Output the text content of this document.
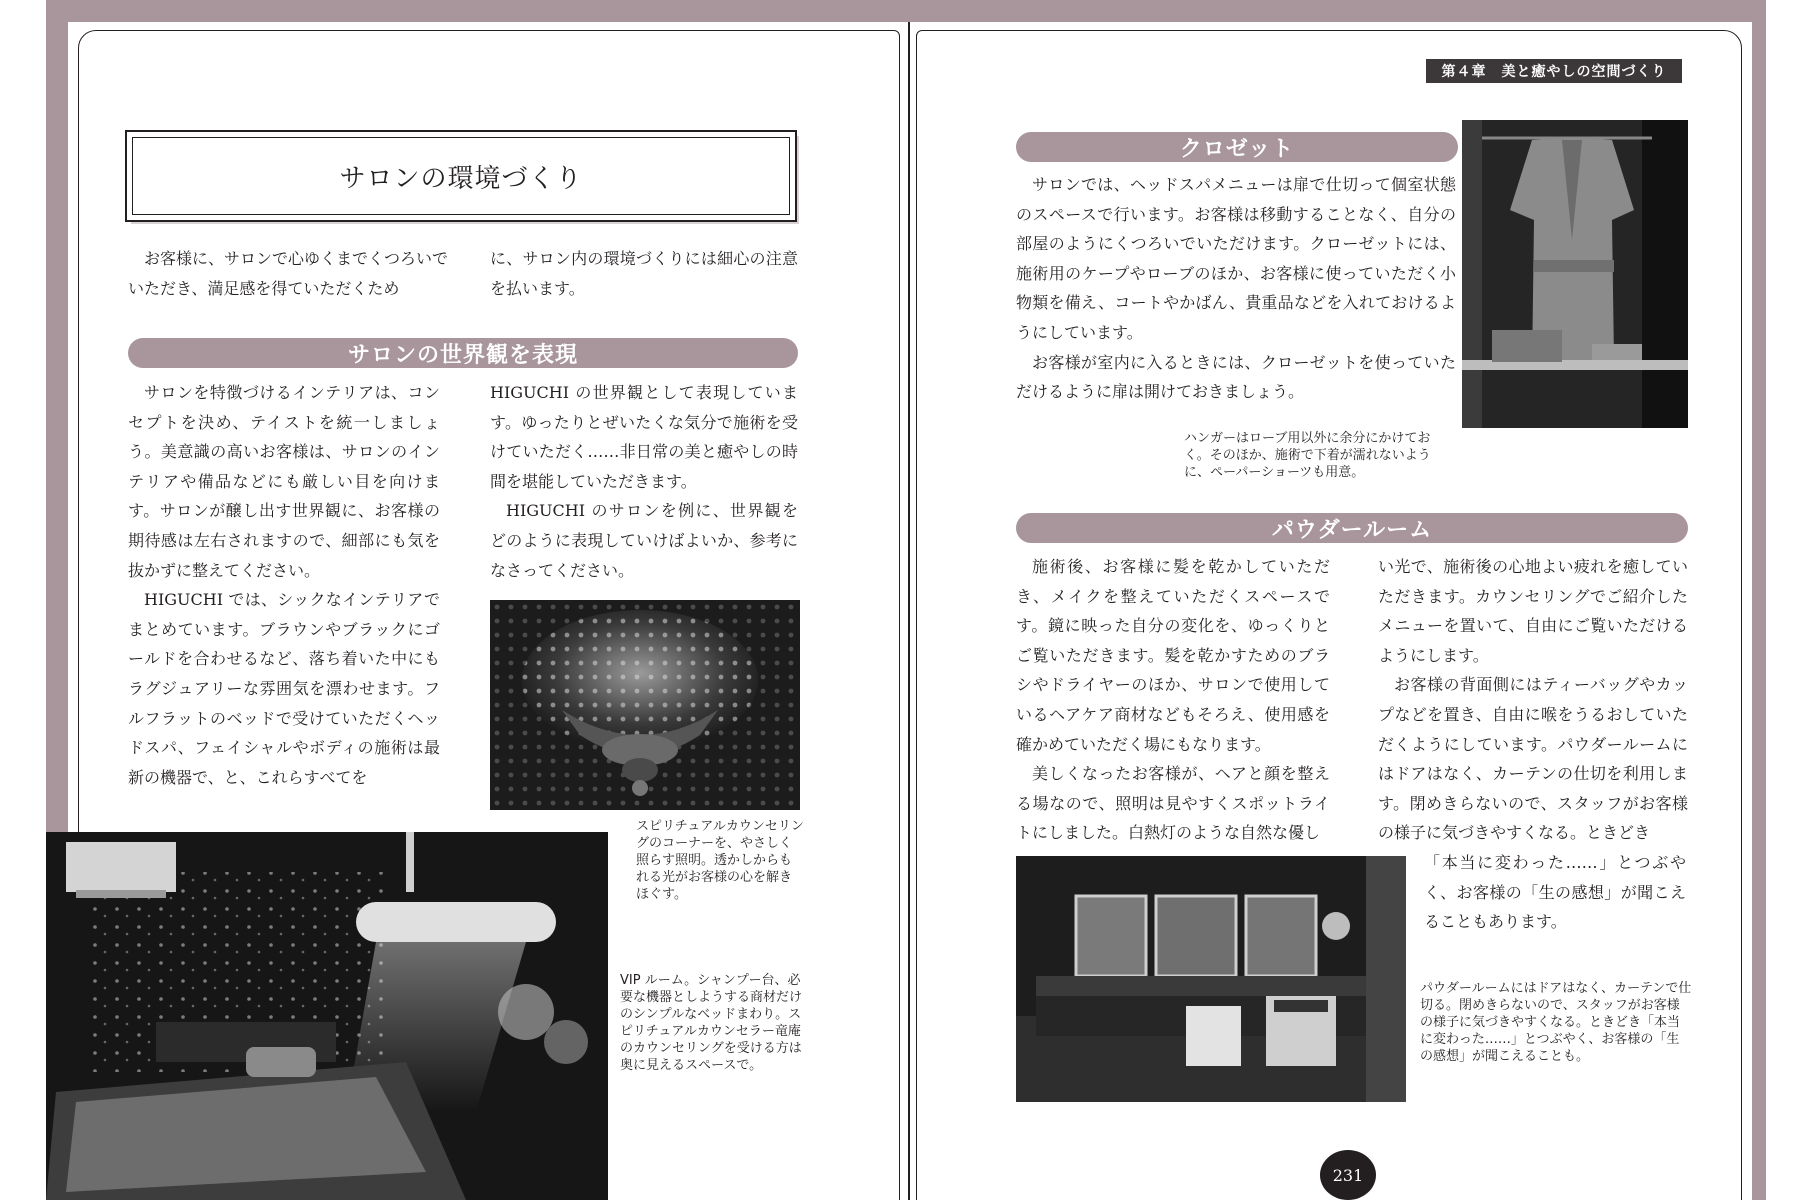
第４章　美と癒やしの空間づくり
サロンの環境づくり

お客様に、サロンで心ゆくまでくつろいでいただき、満足感を得ていただくため

に、サロン内の環境づくりには細心の注意を払います。

サロンの世界観を表現

サロンを特徴づけるインテリアは、コンセプトを決め、テイストを統一しましょう。美意識の高いお客様は、サロンのインテリアや備品などにも厳しい目を向けます。サロンが醸し出す世界観に、お客様の期待感は左右されますので、細部にも気を抜かずに整えてください。

HIGUCHI では、シックなインテリアでまとめています。ブラウンやブラックにゴールドを合わせるなど、落ち着いた中にもラグジュアリーな雰囲気を漂わせます。フルフラットのベッドで受けていただくヘッドスパ、フェイシャルやボディの施術は最新の機器で、と、これらすべてを

HIGUCHI の世界観として表現しています。ゆったりとぜいたくな気分で施術を受けていただく……非日常の美と癒やしの時間を堪能していただきます。

HIGUCHI のサロンを例に、世界観をどのように表現していけばよいか、参考になさってください。

スピリチュアルカウンセリングのコーナーを、やさしく照らす照明。透かしからもれる光がお客様の心を解きほぐす。
VIP ルーム。シャンプー台、必要な機器としようする商材だけのシンプルなベッドまわり。スピリチュアルカウンセラー竜庵のカウンセリングを受ける方は奥に見えるスペースで。
クロゼット

サロンでは、ヘッドスパメニューは扉で仕切って個室状態のスペースで行います。お客様は移動することなく、自分の部屋のようにくつろいでいただけます。クローゼットには、施術用のケープやローブのほか、お客様に使っていただく小物類を備え、コートやかばん、貴重品などを入れておけるようにしています。

お客様が室内に入るときには、クローゼットを使っていただけるように扉は開けておきましょう。

ハンガーはローブ用以外に余分にかけておく。そのほか、施術で下着が濡れないように、ペーパーショーツも用意。
パウダールーム

施術後、お客様に髪を乾かしていただき、メイクを整えていただくスペースです。鏡に映った自分の変化を、ゆっくりとご覧いただきます。髪を乾かすためのブラシやドライヤーのほか、サロンで使用しているヘアケア商材などもそろえ、使用感を確かめていただく場にもなります。

美しくなったお客様が、ヘアと顔を整える場なので、照明は見やすくスポットライトにしました。白熱灯のような自然な優し

い光で、施術後の心地よい疲れを癒していただきます。カウンセリングでご紹介したメニューを置いて、自由にご覧いただけるようにします。

お客様の背面側にはティーバッグやカップなどを置き、自由に喉をうるおしていただくようにしています。パウダールームにはドアはなく、カーテンの仕切を利用します。閉めきらないので、スタッフがお客様の様子に気づきやすくなる。ときどき

「本当に変わった……」とつぶやく、お客様の「生の感想」が聞こえることもあります。

パウダールームにはドアはなく、カーテンで仕切る。閉めきらないので、スタッフがお客様の様子に気づきやすくなる。ときどき「本当に変わった……」とつぶやく、お客様の「生の感想」が聞こえることも。
231
